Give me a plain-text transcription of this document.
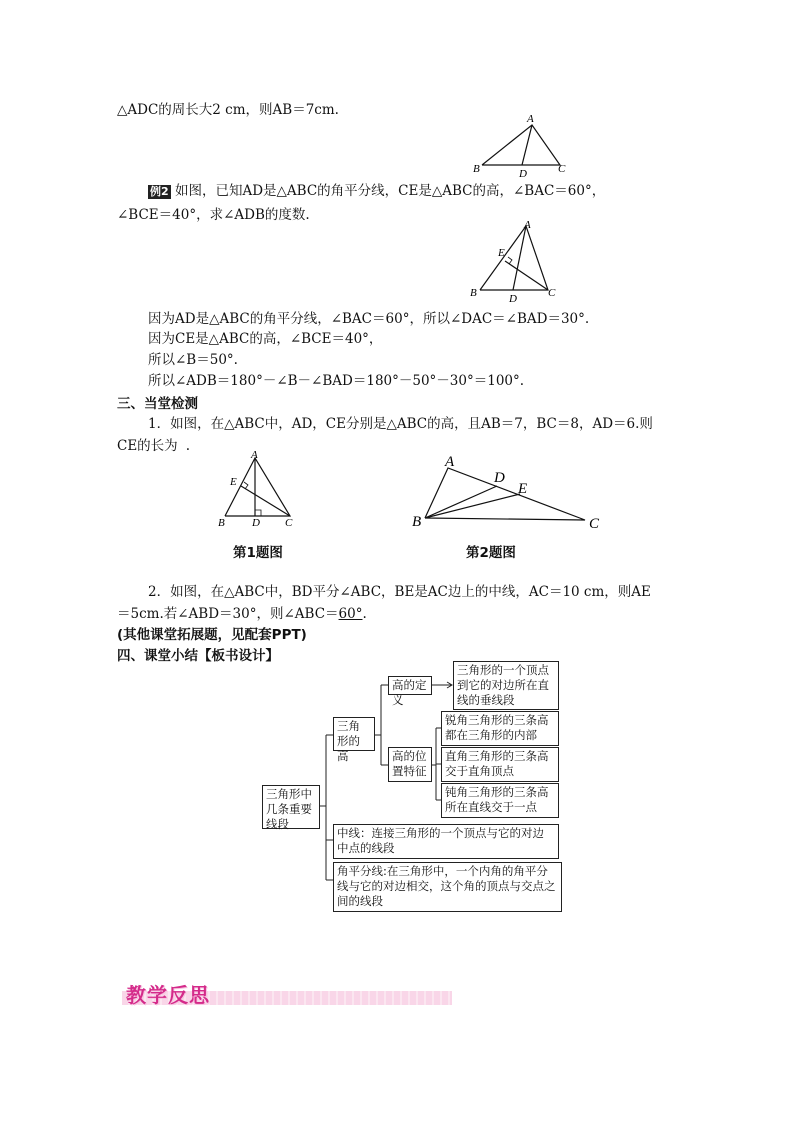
△ADC的周长大2 cm，则AB＝7cm.
A
B	C
D
例2 如图，已知AD是△ABC的角平分线，CE是△ABC的高，∠BAC＝60°，
∠BCE＝40°，求∠ADB的度数.
A
E
B	C
D
因为AD是△ABC的角平分线，∠BAC＝60°，所以∠DAC＝∠BAD＝30°.
因为CE是△ABC的高，∠BCE＝40°，
所以∠B＝50°.
所以∠ADB＝180°－∠B－∠BAD＝180°－50°－30°＝100°.
三、当堂检测
1．如图，在△ABC中，AD，CE分别是△ABC的高，且AB＝7，BC＝8，AD＝6.则
CE的长为 .
A
E
B D C
A
D
E
B	C
第1题图	第2题图
2．如图，在△ABC中，BD平分∠ABC，BE是AC边上的中线，AC＝10 cm，则AE
＝5cm.若∠ABD＝30°，则∠ABC＝60°.
(其他课堂拓展题，见配套PPT)
四、课堂小结【板书设计】
三角形中几条重要线段
三角形的高
高的定义
三角形的一个顶点到它的对边所在直线的垂线段
高的位置特征
锐角三角形的三条高都在三角形的内部
直角三角形的三条高交于直角顶点
钝角三角形的三条高所在直线交于一点
中线：连接三角形的一个顶点与它的对边中点的线段
角平分线:在三角形中，一个内角的角平分线与它的对边相交，这个角的顶点与交点之间的线段
教学反思
